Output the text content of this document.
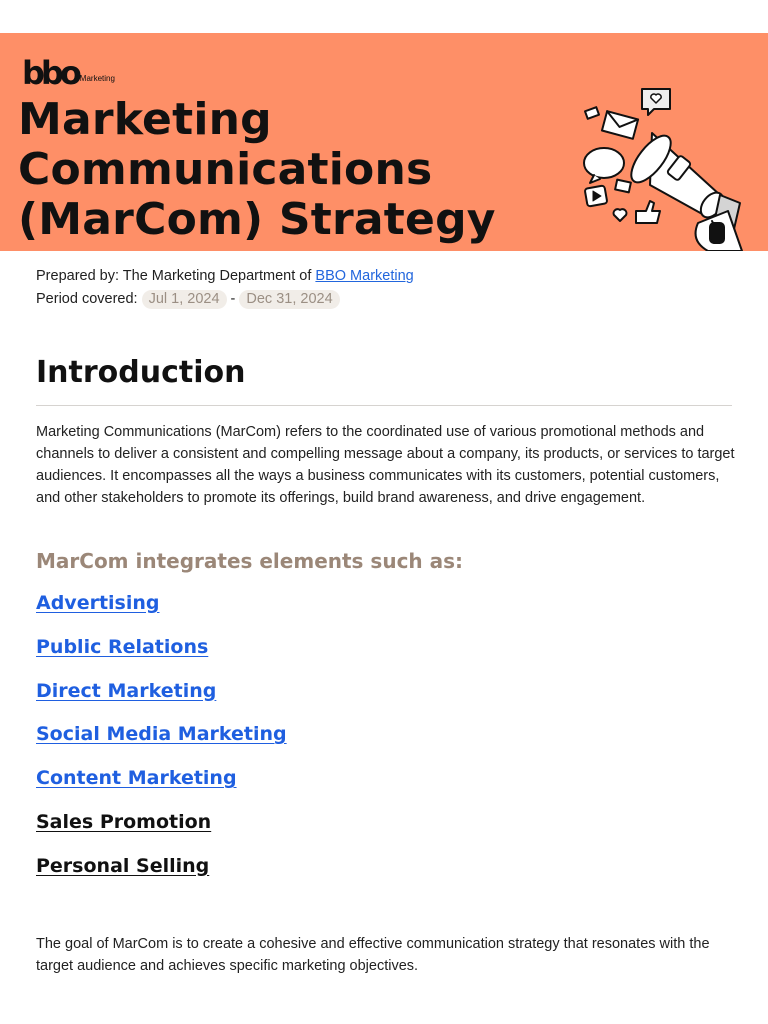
bbo Marketing
Marketing
Communications
(MarCom) Strategy
Prepared by: The Marketing Department of BBO Marketing
Period covered: Jul 1, 2024 - Dec 31, 2024
Introduction

Marketing Communications (MarCom) refers to the coordinated use of various promotional methods and channels to deliver a consistent and compelling message about a company, its products, or services to target audiences. It encompasses all the ways a business communicates with its customers, potential customers, and other stakeholders to promote its offerings, build brand awareness, and drive engagement.

MarCom integrates elements such as:
Advertising
Public Relations
Direct Marketing
Social Media Marketing
Content Marketing
Sales Promotion
Personal Selling

The goal of MarCom is to create a cohesive and effective communication strategy that resonates with the target audience and achieves specific marketing objectives.
